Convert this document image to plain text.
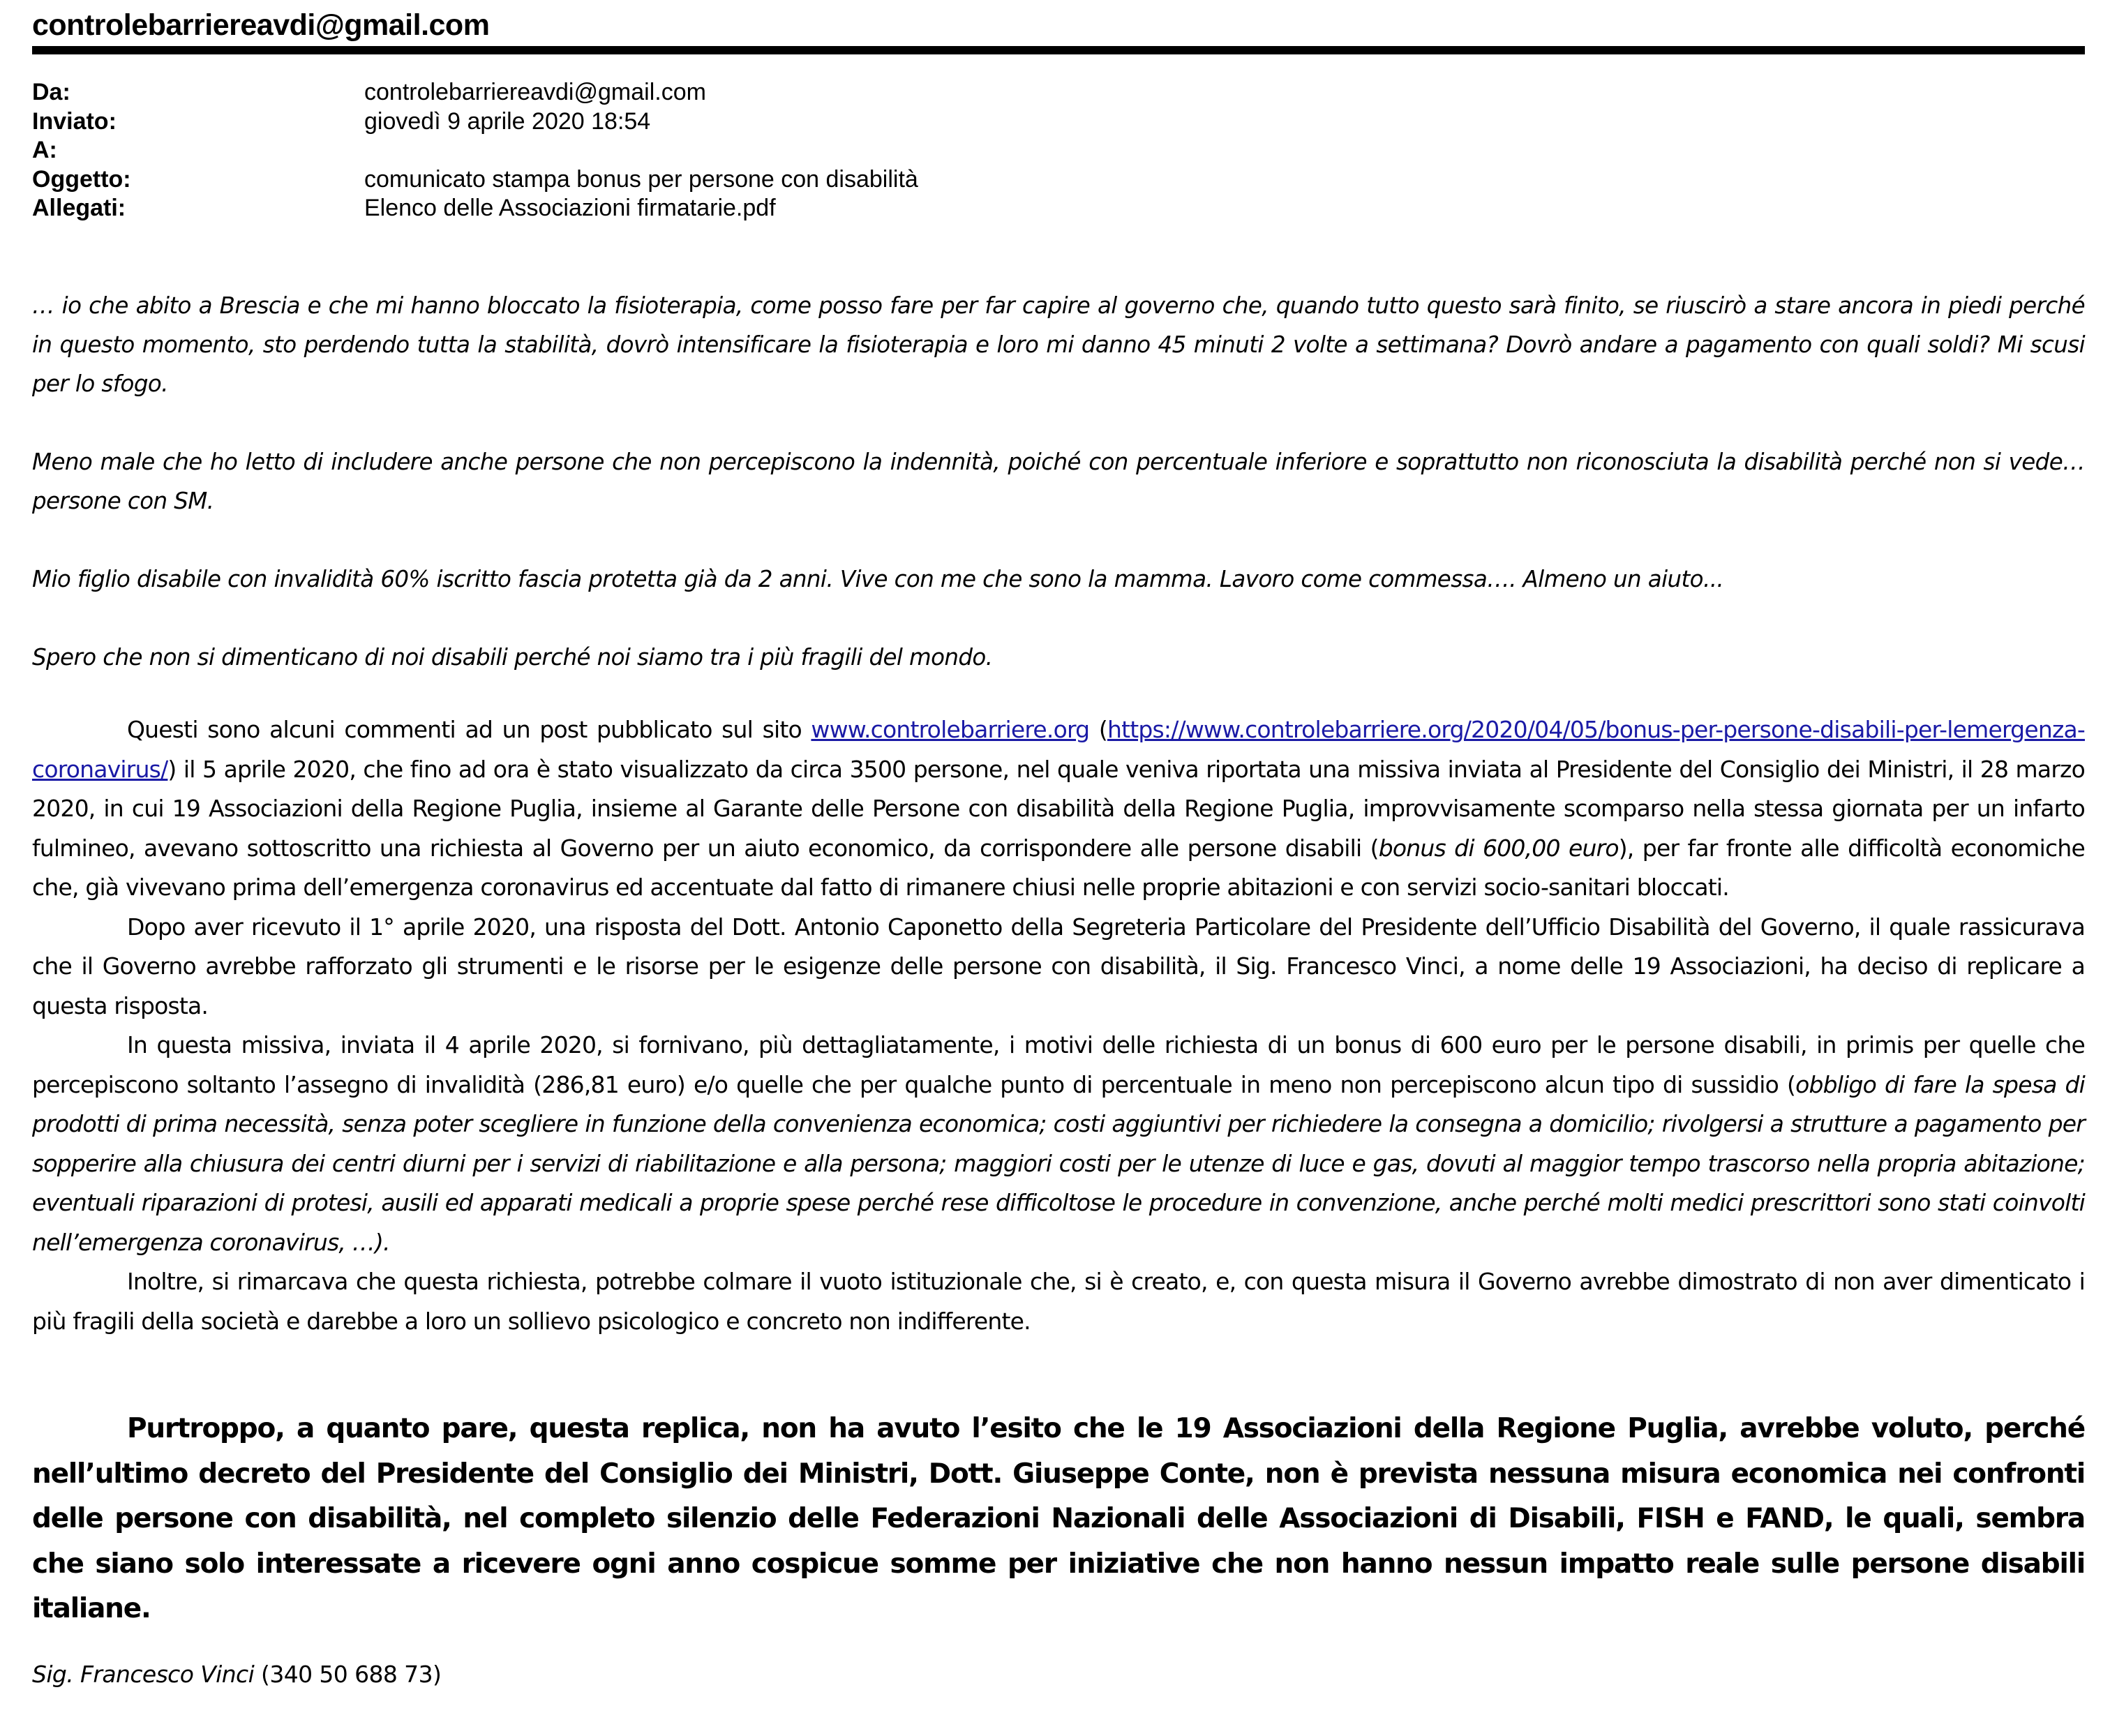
controlebarriereavdi@gmail.com
Da:	controlebarriereavdi@gmail.com
Inviato:	giovedì 9 aprile 2020 18:54
A:
Oggetto:	comunicato stampa bonus per persone con disabilità
Allegati:	Elenco delle Associazioni firmatarie.pdf

… io che abito a Brescia e che mi hanno bloccato la fisioterapia, come posso fare per far capire al governo che, quando tutto questo sarà finito, se riuscirò a stare ancora in piedi perché in questo momento, sto perdendo tutta la stabilità, dovrò intensificare la fisioterapia e loro mi danno 45 minuti 2 volte a settimana? Dovrò andare a pagamento con quali soldi? Mi scusi per lo sfogo.

Meno male che ho letto di includere anche persone che non percepiscono la indennità, poiché con percentuale inferiore e soprattutto non riconosciuta la disabilità perché non si vede…persone con SM.

Mio figlio disabile con invalidità 60% iscritto fascia protetta già da 2 anni. Vive con me che sono la mamma. Lavoro come commessa…. Almeno un aiuto...

Spero che non si dimenticano di noi disabili perché noi siamo tra i più fragili del mondo.

Questi sono alcuni commenti ad un post pubblicato sul sito www.controlebarriere.org (https://www.controlebarriere.org/2020/04/05/bonus-per-persone-disabili-per-lemergenza-coronavirus/) il 5 aprile 2020, che fino ad ora è stato visualizzato da circa 3500 persone, nel quale veniva riportata una missiva inviata al Presidente del Consiglio dei Ministri, il 28 marzo 2020, in cui 19 Associazioni della Regione Puglia, insieme al Garante delle Persone con disabilità della Regione Puglia, improvvisamente scomparso nella stessa giornata per un infarto fulmineo, avevano sottoscritto una richiesta al Governo per un aiuto economico, da corrispondere alle persone disabili (bonus di 600,00 euro), per far fronte alle difficoltà economiche che, già vivevano prima dell’emergenza coronavirus ed accentuate dal fatto di rimanere chiusi nelle proprie abitazioni e con servizi socio-sanitari bloccati.

Dopo aver ricevuto il 1° aprile 2020, una risposta del Dott. Antonio Caponetto della Segreteria Particolare del Presidente dell’Ufficio Disabilità del Governo, il quale rassicurava che il Governo avrebbe rafforzato gli strumenti e le risorse per le esigenze delle persone con disabilità, il Sig. Francesco Vinci, a nome delle 19 Associazioni, ha deciso di replicare a questa risposta.

In questa missiva, inviata il 4 aprile 2020, si fornivano, più dettagliatamente, i motivi delle richiesta di un bonus di 600 euro per le persone disabili, in primis per quelle che percepiscono soltanto l’assegno di invalidità (286,81 euro) e/o quelle che per qualche punto di percentuale in meno non percepiscono alcun tipo di sussidio (obbligo di fare la spesa di prodotti di prima necessità, senza poter scegliere in funzione della convenienza economica; costi aggiuntivi per richiedere la consegna a domicilio; rivolgersi a strutture a pagamento per sopperire alla chiusura dei centri diurni per i servizi di riabilitazione e alla persona; maggiori costi per le utenze di luce e gas, dovuti al maggior tempo trascorso nella propria abitazione; eventuali riparazioni di protesi, ausili ed apparati medicali a proprie spese perché rese difficoltose le procedure in convenzione, anche perché molti medici prescrittori sono stati coinvolti nell’emergenza coronavirus, …).

Inoltre, si rimarcava che questa richiesta, potrebbe colmare il vuoto istituzionale che, si è creato, e, con questa misura il Governo avrebbe dimostrato di non aver dimenticato i più fragili della società e darebbe a loro un sollievo psicologico e concreto non indifferente.

Purtroppo, a quanto pare, questa replica, non ha avuto l’esito che le 19 Associazioni della Regione Puglia, avrebbe voluto, perché nell’ultimo decreto del Presidente del Consiglio dei Ministri, Dott. Giuseppe Conte, non è prevista nessuna misura economica nei confronti delle persone con disabilità, nel completo silenzio delle Federazioni Nazionali delle Associazioni di Disabili, FISH e FAND, le quali, sembra che siano solo interessate a ricevere ogni anno cospicue somme per iniziative che non hanno nessun impatto reale sulle persone disabili italiane.

Sig. Francesco Vinci (340 50 688 73)
